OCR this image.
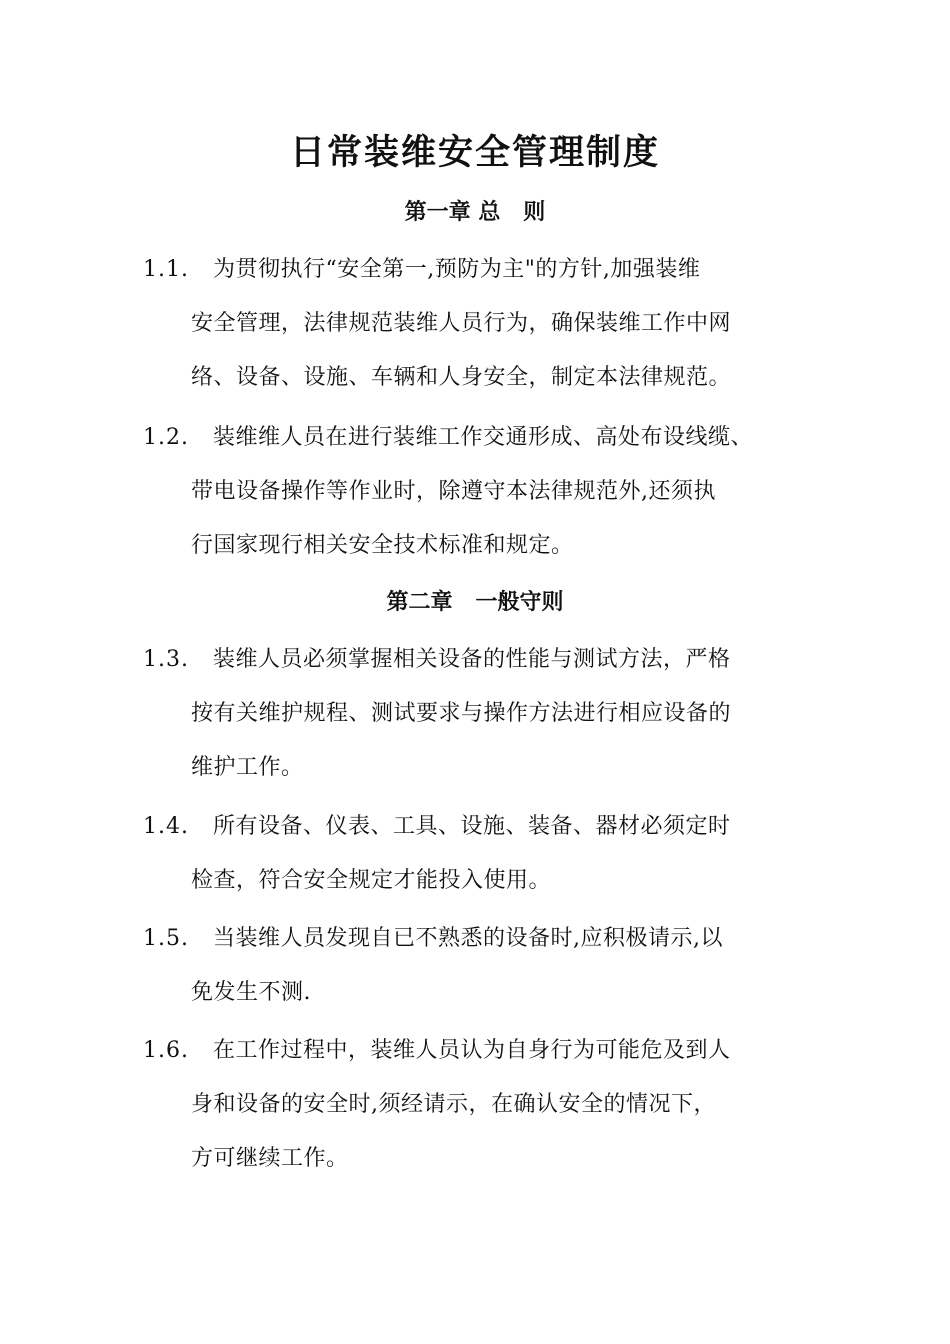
日常装维安全管理制度
第一章 总   则
1.1.	为贯彻执行“安全第一,预防为主"的方针,加强装维
安全管理，法律规范装维人员行为，确保装维工作中网
络、设备、设施、车辆和人身安全，制定本法律规范。
1.2.	装维维人员在进行装维工作交通形成、高处布设线缆、
带电设备操作等作业时，除遵守本法律规范外,还须执
行国家现行相关安全技术标准和规定。
第二章   一般守则
1.3.	装维人员必须掌握相关设备的性能与测试方法，严格
按有关维护规程、测试要求与操作方法进行相应设备的
维护工作。
1.4.	所有设备、仪表、工具、设施、装备、器材必须定时
检查，符合安全规定才能投入使用。
1.5.	当装维人员发现自已不熟悉的设备时,应积极请示,以
免发生不测.
1.6.	在工作过程中，装维人员认为自身行为可能危及到人
身和设备的安全时,须经请示，在确认安全的情况下，
方可继续工作。
